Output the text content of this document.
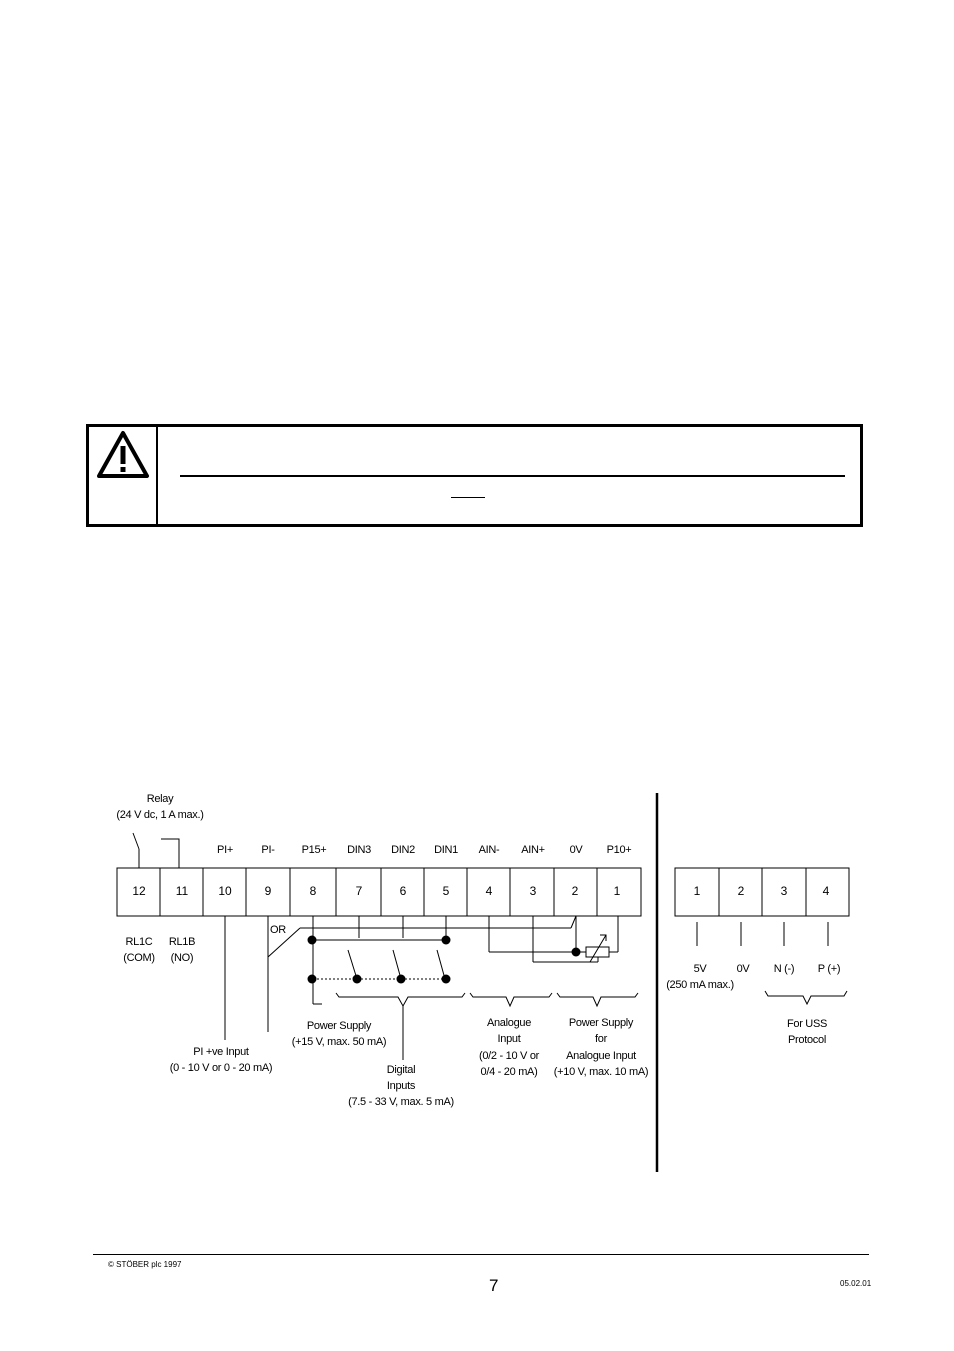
12	11	10	9	8	7	6	5	4	3	2	1	1	2	3	4
PI+	PI- P15+ DIN3 DIN2 DIN1 AIN- AIN+ 0V P10+
Relay
(24 V dc, 1 A max.)
RL1C
(COM)
RL1B
(NO)
OR
5V
(250 mA max.)
0V N (-) P (+)
For USS
Protocol
PI +ve Input
(0 - 10 V or 0 - 20 mA)
Power Supply
(+15 V, max. 50 mA)
Digital
Inputs
(7.5 - 33 V, max. 5 mA)
Analogue
Input
(0/2 - 10 V or
0/4 - 20 mA)
Power Supply
for
Analogue Input
(+10 V, max. 10 mA)
© STÖBER plc 1997
7	05.02.01
